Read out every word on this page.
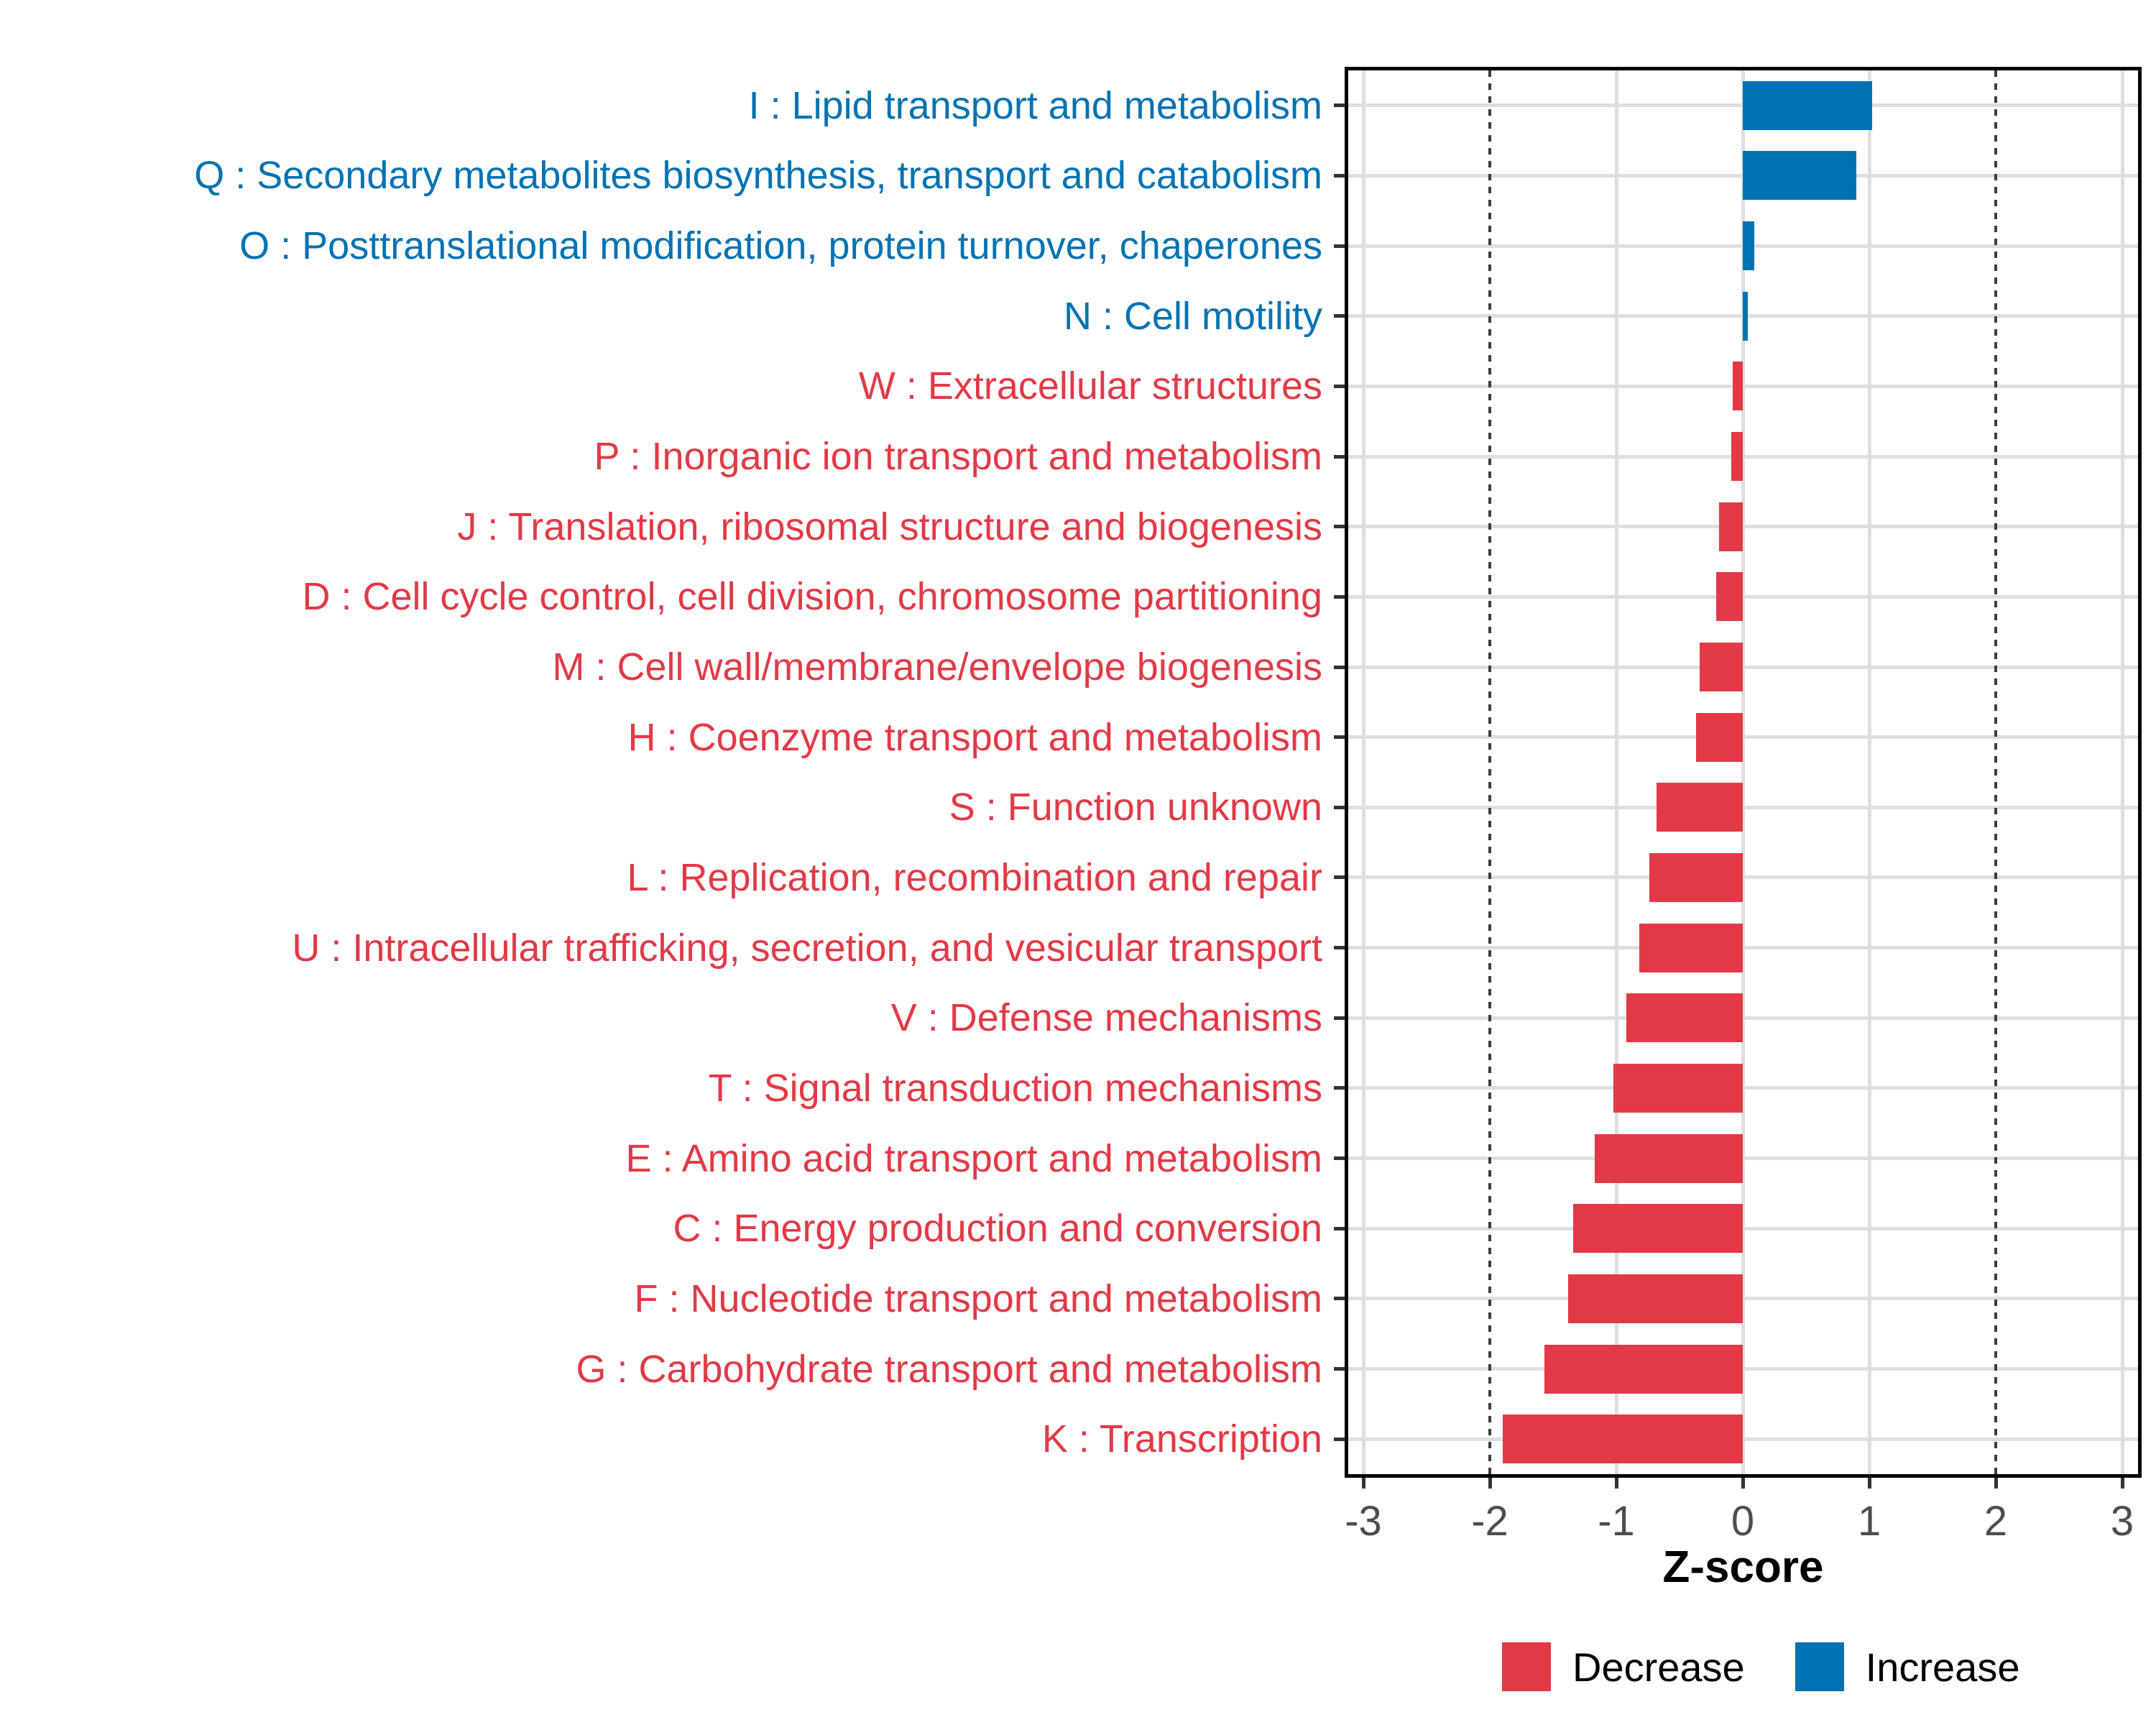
I : Lipid transport and metabolism
Q : Secondary metabolites biosynthesis, transport and catabolism
O : Posttranslational modification, protein turnover, chaperones
N : Cell motility
W : Extracellular structures
P : Inorganic ion transport and metabolism
J : Translation, ribosomal structure and biogenesis
D : Cell cycle control, cell division, chromosome partitioning
M : Cell wall/membrane/envelope biogenesis
H : Coenzyme transport and metabolism
S : Function unknown
L : Replication, recombination and repair
U : Intracellular trafficking, secretion, and vesicular transport
V : Defense mechanisms
T : Signal transduction mechanisms
E : Amino acid transport and metabolism
C : Energy production and conversion
F : Nucleotide transport and metabolism
G : Carbohydrate transport and metabolism
K : Transcription
-3	-2	-1	0	1	2	3
Z-score
Decrease	Increase
